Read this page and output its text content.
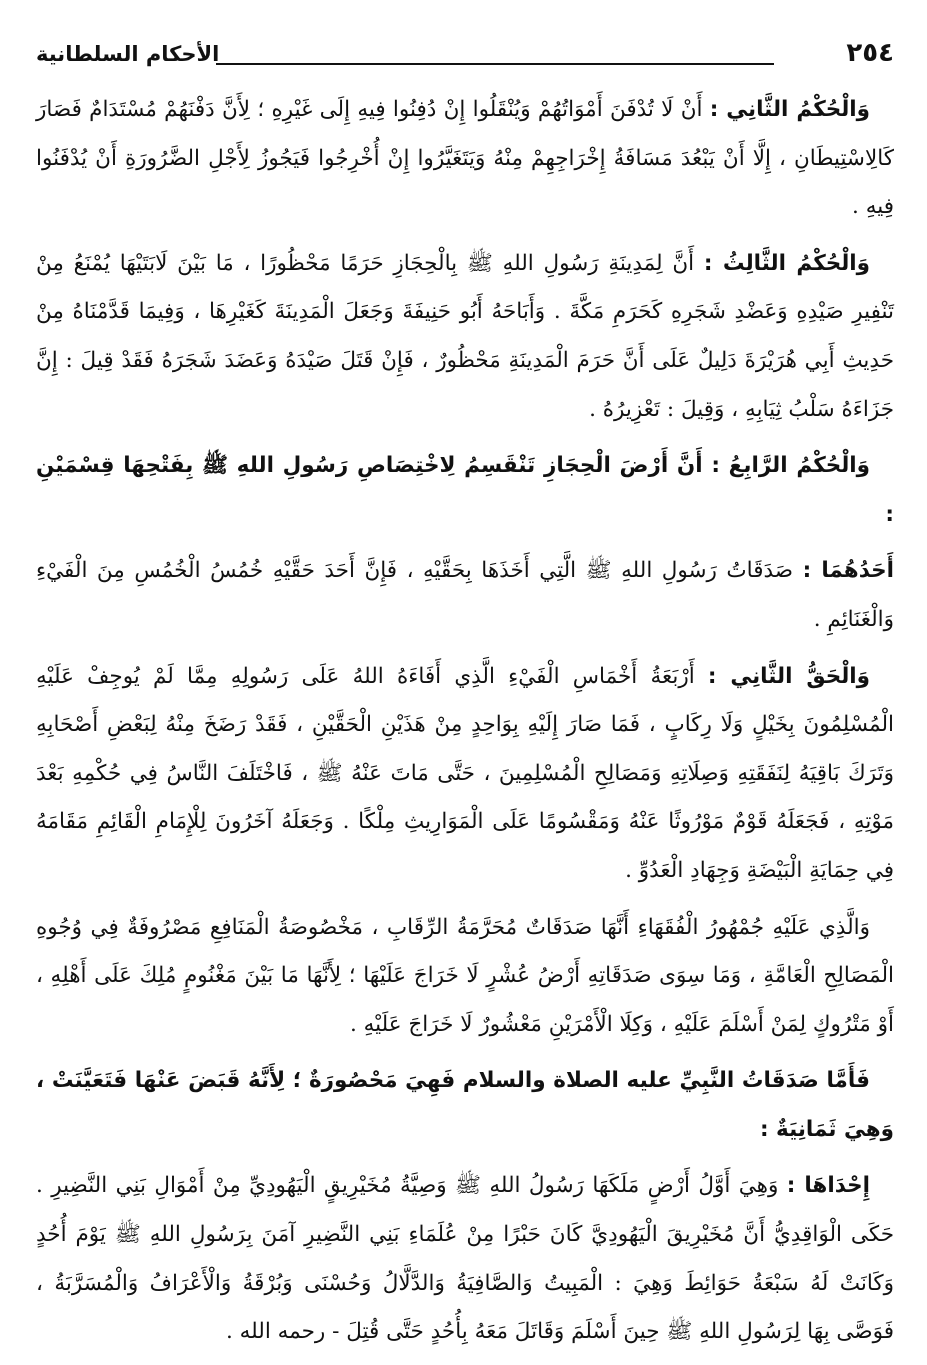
الأحكام السلطانية	٢٥٤

وَالْحُكْمُ الثَّانِي : أَنْ لَا تُدْفَنَ أَمْوَاتُهُمْ وَيُنْقَلُوا إِنْ دُفِنُوا فِيهِ إِلَى غَيْرِهِ ؛ لِأَنَّ دَفْنَهُمْ مُسْتَدَامٌ فَصَارَ كَالِاسْتِيطَانِ ، إِلَّا أَنْ يَبْعُدَ مَسَافَةُ إِخْرَاجِهِمْ مِنْهُ وَيَتَغَيَّرُوا إِنْ أُخْرِجُوا فَيَجُوزُ لِأَجْلِ الضَّرُورَةِ أَنْ يُدْفَنُوا فِيهِ .

وَالْحُكْمُ الثَّالِثُ : أَنَّ لِمَدِينَةِ رَسُولِ اللهِ ﷺ بِالْحِجَازِ حَرَمًا مَحْظُورًا ، مَا بَيْنَ لَابَتَيْهَا يُمْنَعُ مِنْ تَنْفِيرِ صَيْدِهِ وَعَضْدِ شَجَرِهِ كَحَرَمِ مَكَّةَ . وَأَبَاحَهُ أَبُو حَنِيفَةَ وَجَعَلَ الْمَدِينَةَ كَغَيْرِهَا ، وَفِيمَا قَدَّمْنَاهُ مِنْ حَدِيثِ أَبِي هُرَيْرَةَ دَلِيلٌ عَلَى أَنَّ حَرَمَ الْمَدِينَةِ مَحْظُورٌ ، فَإِنْ قَتَلَ صَيْدَهُ وَعَضَدَ شَجَرَهُ فَقَدْ قِيلَ : إِنَّ جَزَاءَهُ سَلْبُ ثِيَابِهِ ، وَقِيلَ : تَعْزِيرُهُ .

وَالْحُكْمُ الرَّابِعُ : أَنَّ أَرْضَ الْحِجَازِ تَنْقَسِمُ لِاخْتِصَاصِ رَسُولِ اللهِ ﷺ بِفَتْحِهَا قِسْمَيْنِ :

أَحَدُهُمَا : صَدَقَاتُ رَسُولِ اللهِ ﷺ الَّتِي أَخَذَهَا بِحَقَّيْهِ ، فَإِنَّ أَحَدَ حَقَّيْهِ خُمُسُ الْخُمُسِ مِنَ الْفَيْءِ وَالْغَنَائِمِ .

وَالْحَقُّ الثَّانِي : أَرْبَعَةُ أَخْمَاسِ الْفَيْءِ الَّذِي أَفَاءَهُ اللهُ عَلَى رَسُولِهِ مِمَّا لَمْ يُوجِفْ عَلَيْهِ الْمُسْلِمُونَ بِخَيْلٍ وَلَا رِكَابٍ ، فَمَا صَارَ إِلَيْهِ بِوَاحِدٍ مِنْ هَذَيْنِ الْحَقَّيْنِ ، فَقَدْ رَضَخَ مِنْهُ لِبَعْضِ أَصْحَابِهِ وَتَرَكَ بَاقِيَهُ لِنَفَقَتِهِ وَصِلَاتِهِ وَمَصَالِحِ الْمُسْلِمِينَ ، حَتَّى مَاتَ عَنْهُ ﷺ ، فَاخْتَلَفَ النَّاسُ فِي حُكْمِهِ بَعْدَ مَوْتِهِ ، فَجَعَلَهُ قَوْمٌ مَوْرُوثًا عَنْهُ وَمَقْسُومًا عَلَى الْمَوَارِيثِ مِلْكًا . وَجَعَلَهُ آخَرُونَ لِلْإِمَامِ الْقَائِمِ مَقَامَهُ فِي حِمَايَةِ الْبَيْضَةِ وَجِهَادِ الْعَدُوِّ .

وَالَّذِي عَلَيْهِ جُمْهُورُ الْفُقَهَاءِ أَنَّهَا صَدَقَاتٌ مُحَرَّمَةُ الرِّقَابِ ، مَخْصُوصَةُ الْمَنَافِعِ مَصْرُوفَةٌ فِي وُجُوهِ الْمَصَالِحِ الْعَامَّةِ ، وَمَا سِوَى صَدَقَاتِهِ أَرْضُ عُشْرٍ لَا خَرَاجَ عَلَيْهَا ؛ لِأَنَّهَا مَا بَيْنَ مَغْنُومٍ مُلِكَ عَلَى أَهْلِهِ ، أَوْ مَتْرُوكٍ لِمَنْ أَسْلَمَ عَلَيْهِ ، وَكِلَا الْأَمْرَيْنِ مَعْشُورٌ لَا خَرَاجَ عَلَيْهِ .

فَأَمَّا صَدَقَاتُ النَّبِيِّ عليه الصلاة والسلام فَهِيَ مَحْصُورَةٌ ؛ لِأَنَّهُ قَبَضَ عَنْهَا فَتَعَيَّنَتْ ، وَهِيَ ثَمَانِيَةٌ :

إِحْدَاهَا : وَهِيَ أَوَّلُ أَرْضٍ مَلَكَهَا رَسُولُ اللهِ ﷺ وَصِيَّةُ مُخَيْرِيقٍ الْيَهُودِيِّ مِنْ أَمْوَالِ بَنِي النَّضِيرِ . حَكَى الْوَاقِدِيُّ أَنَّ مُخَيْرِيقَ الْيَهُودِيَّ كَانَ حَبْرًا مِنْ عُلَمَاءِ بَنِي النَّضِيرِ آمَنَ بِرَسُولِ اللهِ ﷺ يَوْمَ أُحُدٍ وَكَانَتْ لَهُ سَبْعَةُ حَوَائِطَ وَهِيَ : الْمَبِيتُ وَالصَّافِيَةُ وَالدَّلَّالُ وَحُسْنَى وَبُرْقَةُ وَالْأَعْرَافُ وَالْمُسَرَّبَةُ ، فَوَصَّى بِهَا لِرَسُولِ اللهِ ﷺ حِينَ أَسْلَمَ وَقَاتَلَ مَعَهُ بِأُحُدٍ حَتَّى قُتِلَ - رحمه الله .
